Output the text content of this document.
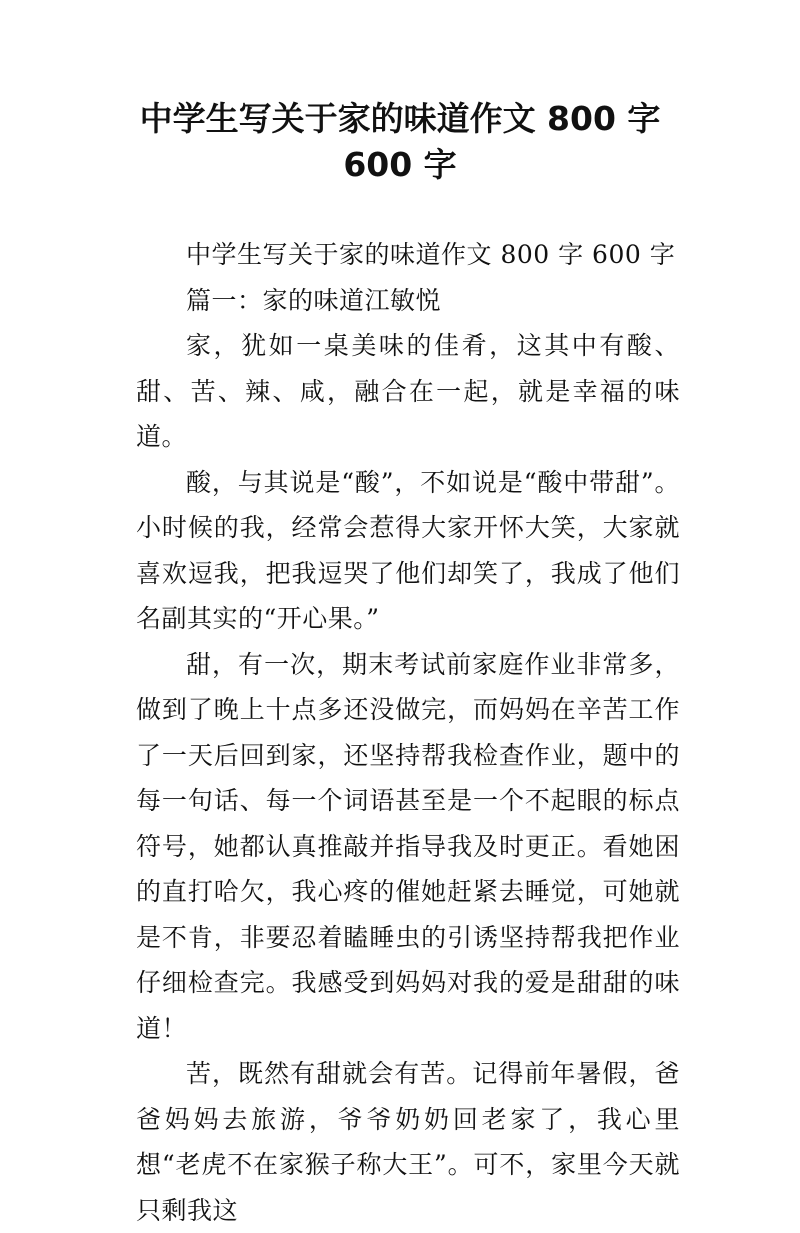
中学生写关于家的味道作文 800 字
600 字

中学生写关于家的味道作文 800 字 600 字

篇一：家的味道江敏悦

家，犹如一桌美味的佳肴，这其中有酸、甜、苦、辣、咸，融合在一起，就是幸福的味道。

酸，与其说是“酸”，不如说是“酸中带甜”。小时候的我，经常会惹得大家开怀大笑，大家就喜欢逗我，把我逗哭了他们却笑了，我成了他们名副其实的“开心果。”

甜，有一次，期末考试前家庭作业非常多，做到了晚上十点多还没做完，而妈妈在辛苦工作了一天后回到家，还坚持帮我检查作业，题中的每一句话、每一个词语甚至是一个不起眼的标点符号，她都认真推敲并指导我及时更正。看她困的直打哈欠，我心疼的催她赶紧去睡觉，可她就是不肯，非要忍着瞌睡虫的引诱坚持帮我把作业仔细检查完。我感受到妈妈对我的爱是甜甜的味道！

苦，既然有甜就会有苦。记得前年暑假，爸爸妈妈去旅游，爷爷奶奶回老家了，我心里想“老虎不在家猴子称大王”。可不，家里今天就只剩我这
